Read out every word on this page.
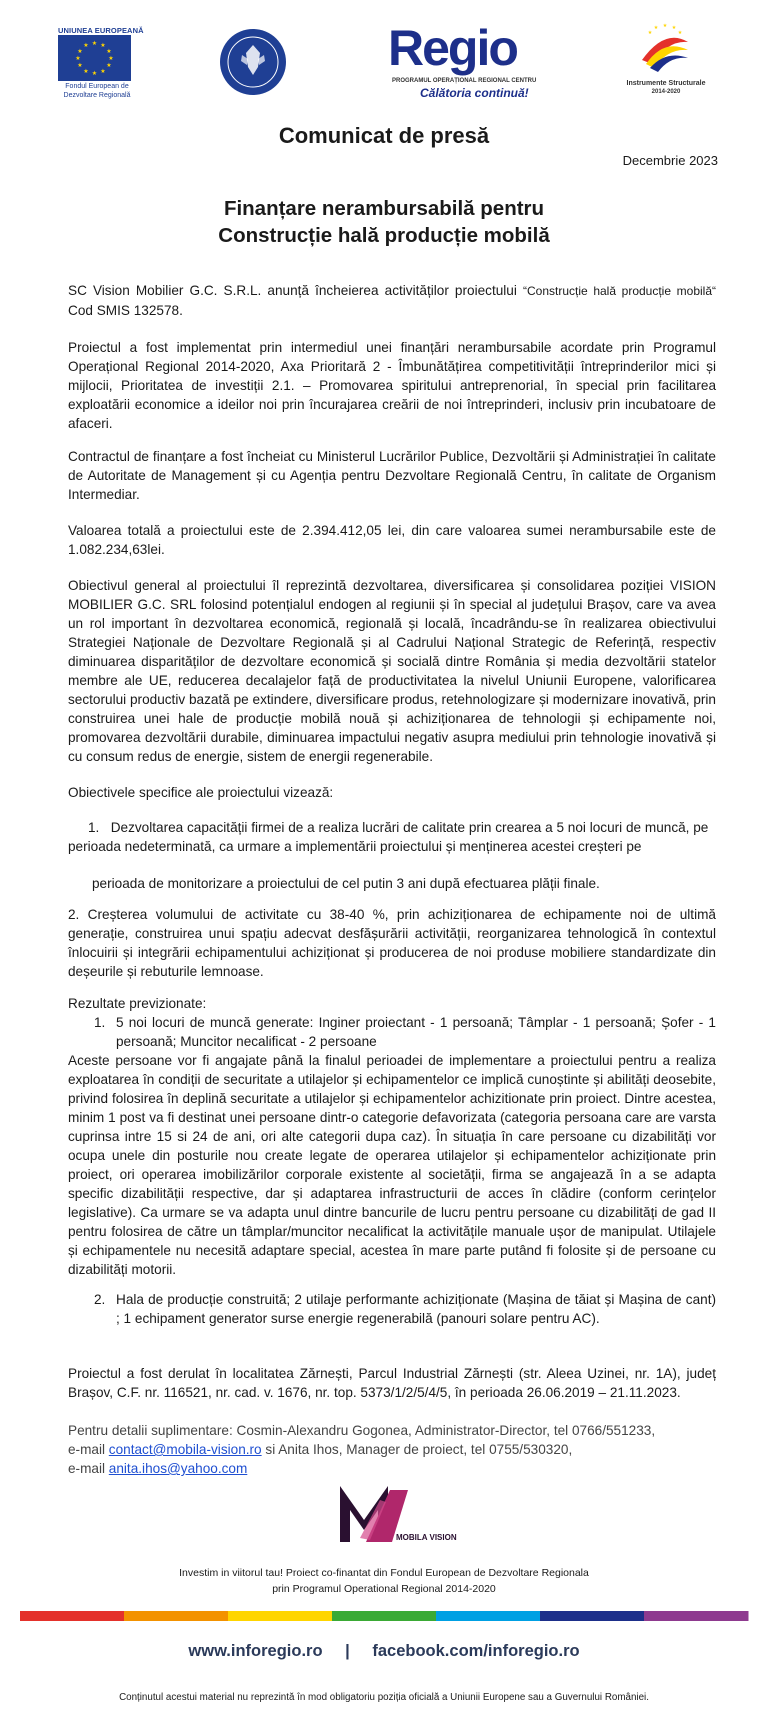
UNIUNEA EUROPEANĂ
★ ★
★
★
★
★
★
★
★
★
★
★
Fondul European de Dezvoltare Regională
Regio
PROGRAMUL OPERAȚIONAL REGIONAL CENTRU
Călătoria continuă!
★ ★
★
★
★
Instrumente Structurale
2014-2020
Comunicat de presă
Decembrie 2023
Finanțare nerambursabilă pentru
Construcție hală producție mobilă

SC Vision Mobilier G.C. S.R.L. anunță încheierea activităților proiectului “Construcție hală producție mobilă“ Cod SMIS 132578.

Proiectul a fost implementat prin intermediul unei finanțări nerambursabile acordate prin Programul Operațional Regional 2014-2020, Axa Prioritară 2 - Îmbunătățirea competitivității întreprinderilor mici și mijlocii, Prioritatea de investiții 2.1. – Promovarea spiritului antreprenorial, în special prin facilitarea exploatării economice a ideilor noi prin încurajarea creării de noi întreprinderi, inclusiv prin incubatoare de afaceri.

Contractul de finanțare a fost încheiat cu Ministerul Lucrărilor Publice, Dezvoltării și Administrației în calitate de Autoritate de Management și cu Agenția pentru Dezvoltare Regională Centru, în calitate de Organism Intermediar.

Valoarea totală a proiectului este de 2.394.412,05 lei, din care valoarea sumei nerambursabile este de 1.082.234,63lei.

Obiectivul general al proiectului îl reprezintă dezvoltarea, diversificarea și consolidarea poziției VISION MOBILIER G.C. SRL folosind potențialul endogen al regiunii și în special al județului Brașov, care va avea un rol important în dezvoltarea economică, regională și locală, încadrându-se în realizarea obiectivului Strategiei Naționale de Dezvoltare Regională și al Cadrului Național Strategic de Referință, respectiv diminuarea disparităților de dezvoltare economică și socială dintre România și media dezvoltării statelor membre ale UE, reducerea decalajelor față de productivitatea la nivelul Uniunii Europene, valorificarea sectorului productiv bazată pe extindere, diversificare produs, retehnologizare și modernizare inovativă, prin construirea unei hale de producție mobilă nouă și achiziționarea de tehnologii și echipamente noi, promovarea dezvoltării durabile, diminuarea impactului negativ asupra mediului prin tehnologie inovativă și cu consum redus de energie, sistem de energii regenerabile.

Obiectivele specifice ale proiectului vizează:

1. Dezvoltarea capacității firmei de a realiza lucrări de calitate prin crearea a 5 noi locuri de muncă, pe perioada nedeterminată, ca urmare a implementării proiectului și menținerea acestei creșteri pe

perioada de monitorizare a proiectului de cel putin 3 ani după efectuarea plății finale.

2. Creșterea volumului de activitate cu 38-40 %, prin achiziționarea de echipamente noi de ultimă generație, construirea unui spațiu adecvat desfășurării activității, reorganizarea tehnologică în contextul înlocuirii și integrării echipamentului achiziționat și producerea de noi produse mobiliere standardizate din deșeurile și rebuturile lemnoase.

Rezultate previzionate:

1. 5 noi locuri de muncă generate: Inginer proiectant - 1 persoană; Tâmplar - 1 persoană; Șofer - 1 persoană; Muncitor necalificat - 2 persoane

Aceste persoane vor fi angajate până la finalul perioadei de implementare a proiectului pentru a realiza exploatarea în condiții de securitate a utilajelor și echipamentelor ce implică cunoștinte și abilități deosebite, privind folosirea în deplină securitate a utilajelor și echipamentelor achizitionate prin proiect. Dintre acestea, minim 1 post va fi destinat unei persoane dintr-o categorie defavorizata (categoria persoana care are varsta cuprinsa intre 15 si 24 de ani, ori alte categorii dupa caz). În situația în care persoane cu dizabilități vor ocupa unele din posturile nou create legate de operarea utilajelor și echipamentelor achiziționate prin proiect, ori operarea imobilizărilor corporale existente al societății, firma se angajează în a se adapta specific dizabilității respective, dar și adaptarea infrastructurii de acces în clădire (conform cerințelor legislative). Ca urmare se va adapta unul dintre bancurile de lucru pentru persoane cu dizabilități de gad II pentru folosirea de către un tâmplar/muncitor necalificat la activitățile manuale ușor de manipulat. Utilajele și echipamentele nu necesită adaptare special, acestea în mare parte putând fi folosite și de persoane cu dizabilități motorii.

2. Hala de producție construită; 2 utilaje performante achiziționate (Mașina de tăiat și Mașina de cant) ; 1 echipament generator surse energie regenerabilă (panouri solare pentru AC).

Proiectul a fost derulat în localitatea Zărnești, Parcul Industrial Zărnești (str. Aleea Uzinei, nr. 1A), județ Brașov, C.F. nr. 116521, nr. cad. v. 1676, nr. top. 5373/1/2/5/4/5, în perioada 26.06.2019 – 21.11.2023.

Pentru detalii suplimentare: Cosmin-Alexandru Gogonea, Administrator-Director, tel 0766/551233,
e-mail contact@mobila-vision.ro si Anita Ihos, Manager de proiect, tel 0755/530320,
e-mail anita.ihos@yahoo.com
MOBILA VISION
Investim in viitorul tau! Proiect co-finantat din Fondul European de Dezvoltare Regionala
prin Programul Operational Regional 2014-2020
www.inforegio.ro | facebook.com/inforegio.ro
Conținutul acestui material nu reprezintă în mod obligatoriu poziția oficială a Uniunii Europene sau a Guvernului României.
